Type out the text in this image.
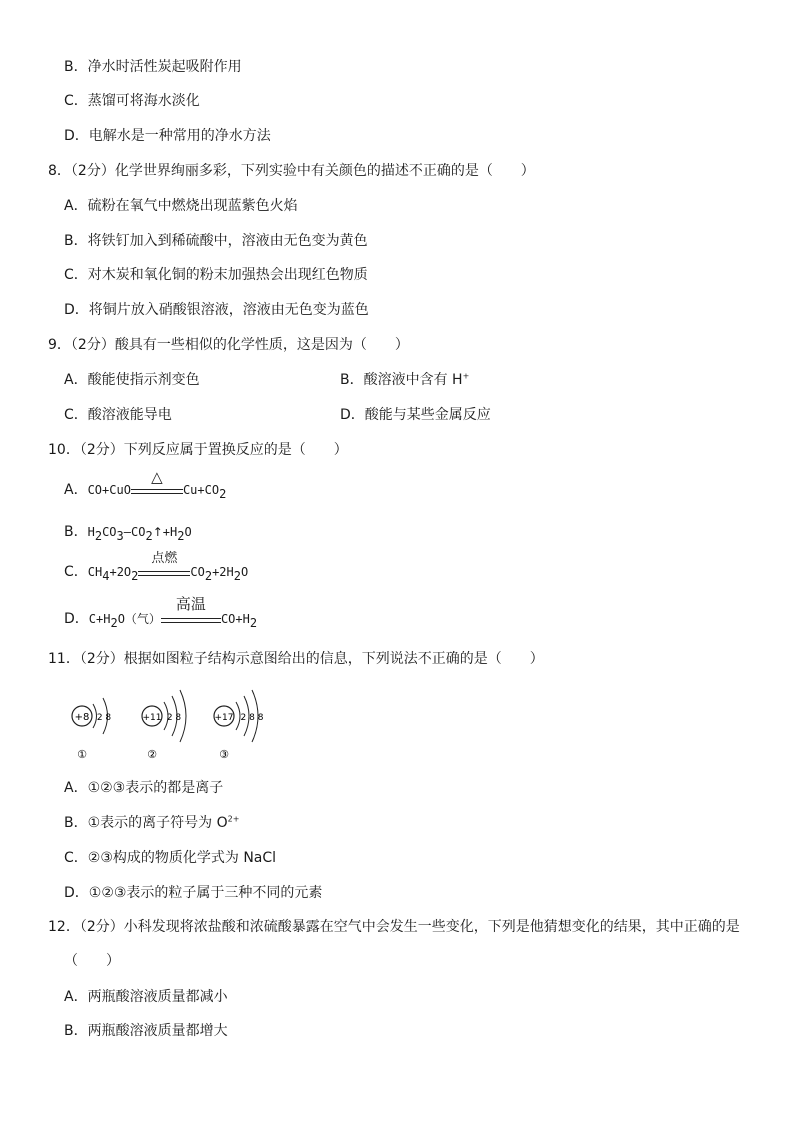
B．净水时活性炭起吸附作用
C．蒸馏可将海水淡化
D．电解水是一种常用的净水方法
8．（2分）化学世界绚丽多彩，下列实验中有关颜色的描述不正确的是（　　）
A．硫粉在氧气中燃烧出现蓝紫色火焰
B．将铁钉加入到稀硫酸中，溶液由无色变为黄色
C．对木炭和氧化铜的粉末加强热会出现红色物质
D．将铜片放入硝酸银溶液，溶液由无色变为蓝色
9．（2分）酸具有一些相似的化学性质，这是因为（　　）
A．酸能使指示剂变色	B．酸溶液中含有 H+
C．酸溶液能导电	D．酸能与某些金属反应
10．（2分）下列反应属于置换反应的是（　　）
A．CO+CuO
△
$Cu+CO_2$
B．$H_2CO_3—CO_2↑+H_2O$
C．$CH_4+2O_2$
点燃
$CO_2+2H_2O$
D．$C+H_2O$（气）
高温
$CO+H_2$
11．（2分）根据如图粒子结构示意图给出的信息，下列说法不正确的是（　　）
+8 2 8
①
+11 2 8
②
+17 2 8 8
③
A．①②③表示的都是离子
B．①表示的离子符号为 $O^{2+}$
C．②③构成的物质化学式为 NaCl
D．①②③表示的粒子属于三种不同的元素
12．（2分）小科发现将浓盐酸和浓硫酸暴露在空气中会发生一些变化，下列是他猜想变化的结果，其中正确的是
（　　）
A．两瓶酸溶液质量都减小
B．两瓶酸溶液质量都增大
